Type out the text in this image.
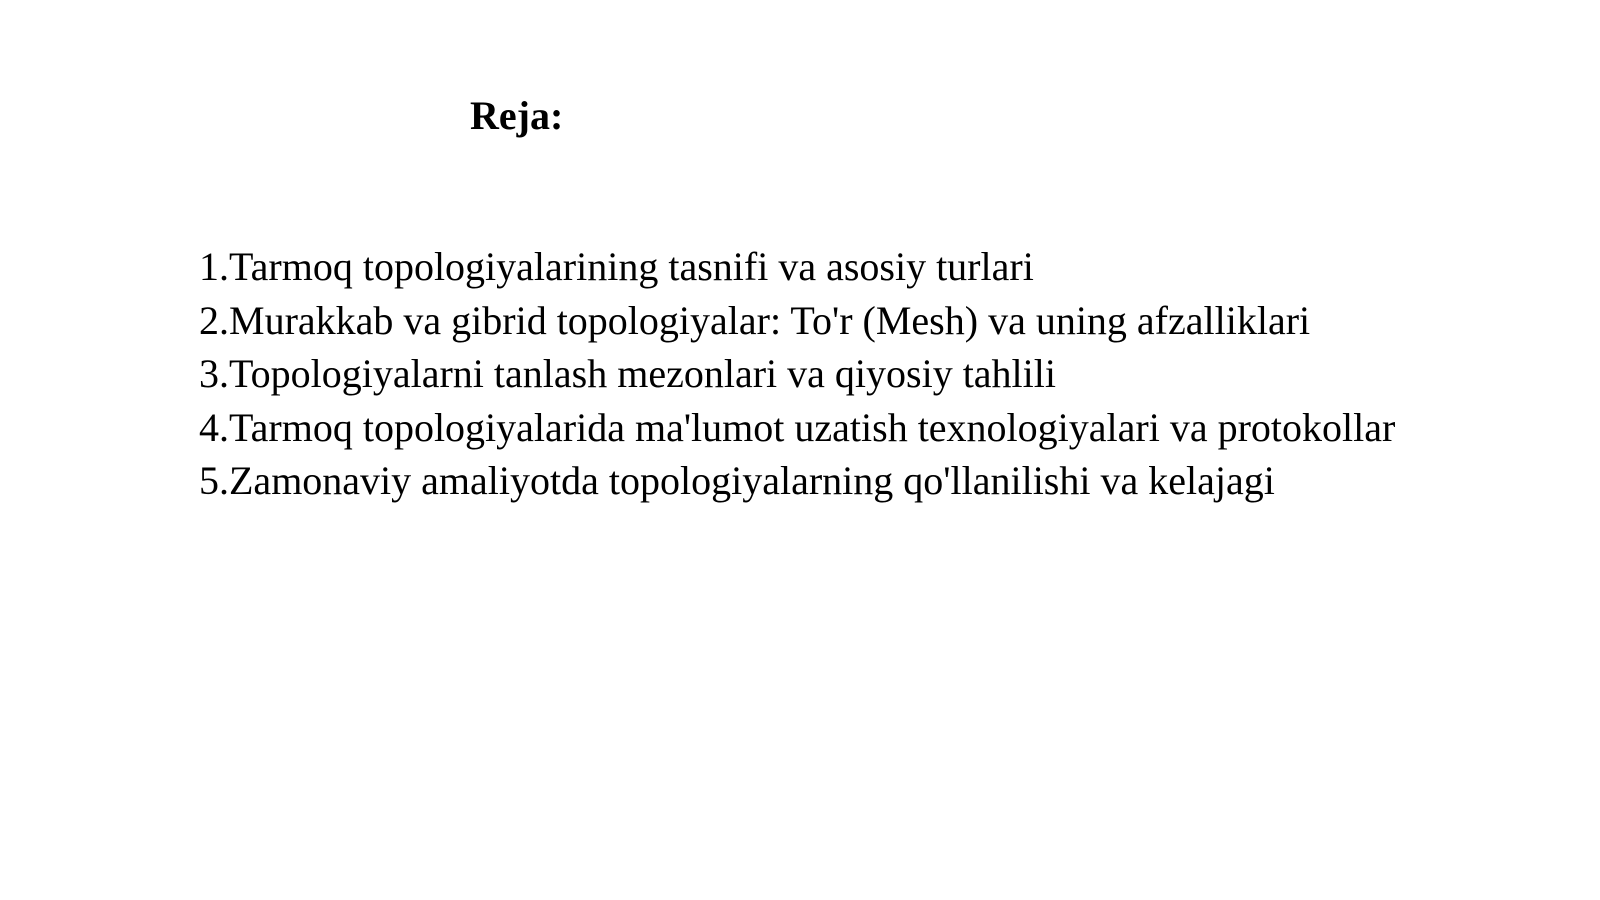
Reja:
1.Tarmoq topologiyalarining tasnifi va asosiy turlari
2.Murakkab va gibrid topologiyalar: To'r (Mesh) va uning afzalliklari
3.Topologiyalarni tanlash mezonlari va qiyosiy tahlili
4.Tarmoq topologiyalarida ma'lumot uzatish texnologiyalari va protokollar
5.Zamonaviy amaliyotda topologiyalarning qo'llanilishi va kelajagi
